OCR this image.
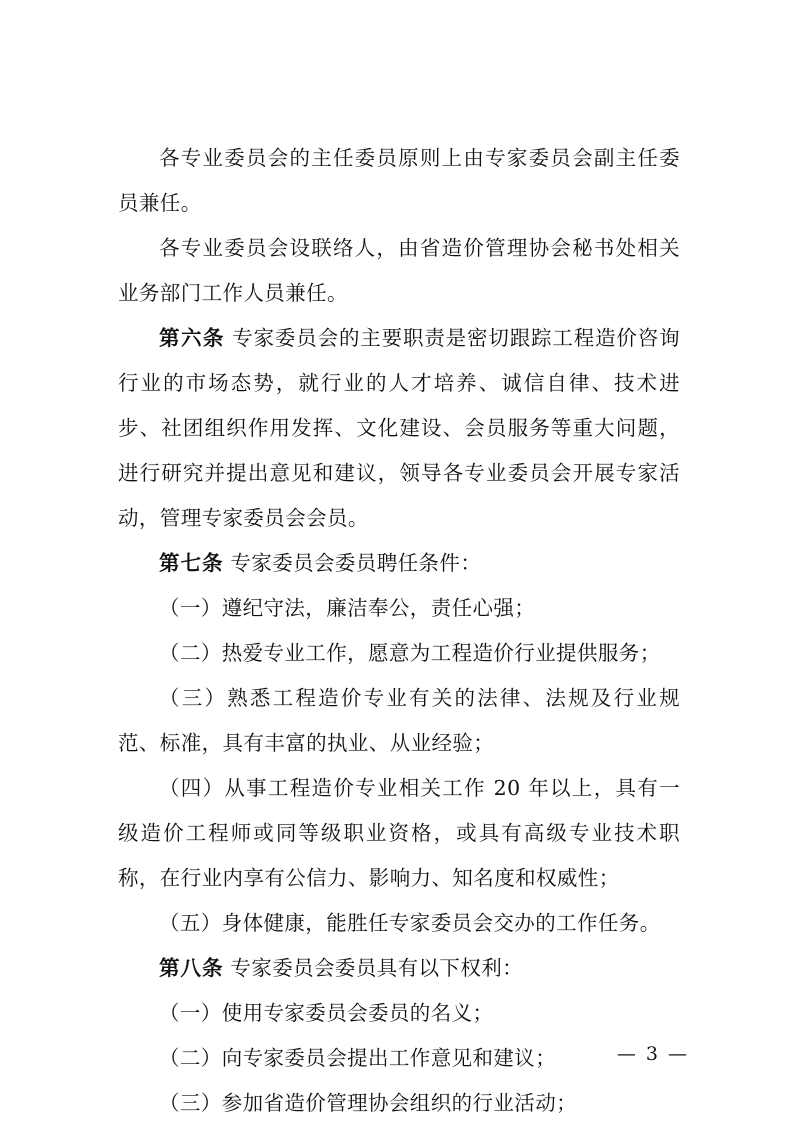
各专业委员会的主任委员原则上由专家委员会副主任委员兼任。

各专业委员会设联络人，由省造价管理协会秘书处相关业务部门工作人员兼任。

第六条 专家委员会的主要职责是密切跟踪工程造价咨询行业的市场态势，就行业的人才培养、诚信自律、技术进步、社团组织作用发挥、文化建设、会员服务等重大问题，进行研究并提出意见和建议，领导各专业委员会开展专家活动，管理专家委员会会员。

第七条 专家委员会委员聘任条件：

（一）遵纪守法，廉洁奉公，责任心强；

（二）热爱专业工作，愿意为工程造价行业提供服务；

（三）熟悉工程造价专业有关的法律、法规及行业规范、标准，具有丰富的执业、从业经验；

（四）从事工程造价专业相关工作 20 年以上，具有一级造价工程师或同等级职业资格，或具有高级专业技术职称，在行业内享有公信力、影响力、知名度和权威性；

（五）身体健康，能胜任专家委员会交办的工作任务。

第八条 专家委员会委员具有以下权利：

（一）使用专家委员会委员的名义；

（二）向专家委员会提出工作意见和建议；

（三）参加省造价管理协会组织的行业活动；

— 3 —
